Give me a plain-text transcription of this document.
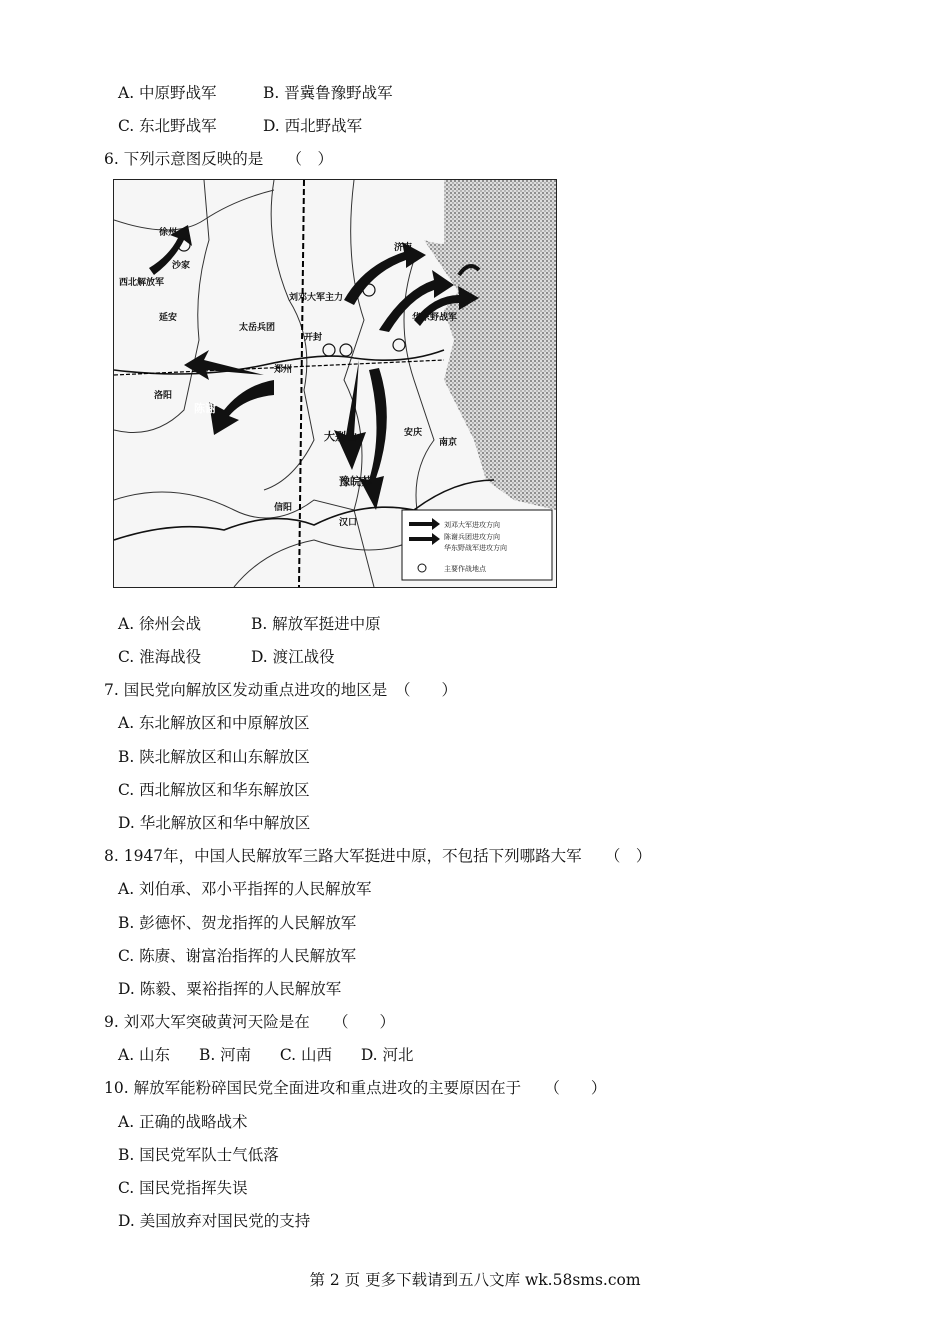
A. 中原野战军	B. 晋冀鲁豫野战军
C. 东北野战军	D. 西北野战军
6. 下列示意图反映的是　　（　）
徐州
沙家
西北解放军
延安
太岳兵团
刘邓大军主力
华东野战军
济南
开封
郑州
洛阳
陈谢
大别山
豫皖苏
信阳
南京
安庆
汉口	刘邓大军进攻方向
陈谢兵团进攻方向
华东野战军进攻方向
主要作战地点
A. 徐州会战	B. 解放军挺进中原
C. 淮海战役	D. 渡江战役
7. 国民党向解放区发动重点进攻的地区是　（　　）
A. 东北解放区和中原解放区
B. 陕北解放区和山东解放区
C. 西北解放区和华东解放区
D. 华北解放区和华中解放区
8. 1947年，中国人民解放军三路大军挺进中原，不包括下列哪路大军　　（　）
A. 刘伯承、邓小平指挥的人民解放军
B. 彭德怀、贺龙指挥的人民解放军
C. 陈赓、谢富治指挥的人民解放军
D. 陈毅、粟裕指挥的人民解放军
9. 刘邓大军突破黄河天险是在　　（　　）
A. 山东 B. 河南 C. 山西 D. 河北
10. 解放军能粉碎国民党全面进攻和重点进攻的主要原因在于　　（　　）
A. 正确的战略战术
B. 国民党军队士气低落
C. 国民党指挥失误
D. 美国放弃对国民党的支持
第 2 页 更多下载请到五八文库 wk.58sms.com
